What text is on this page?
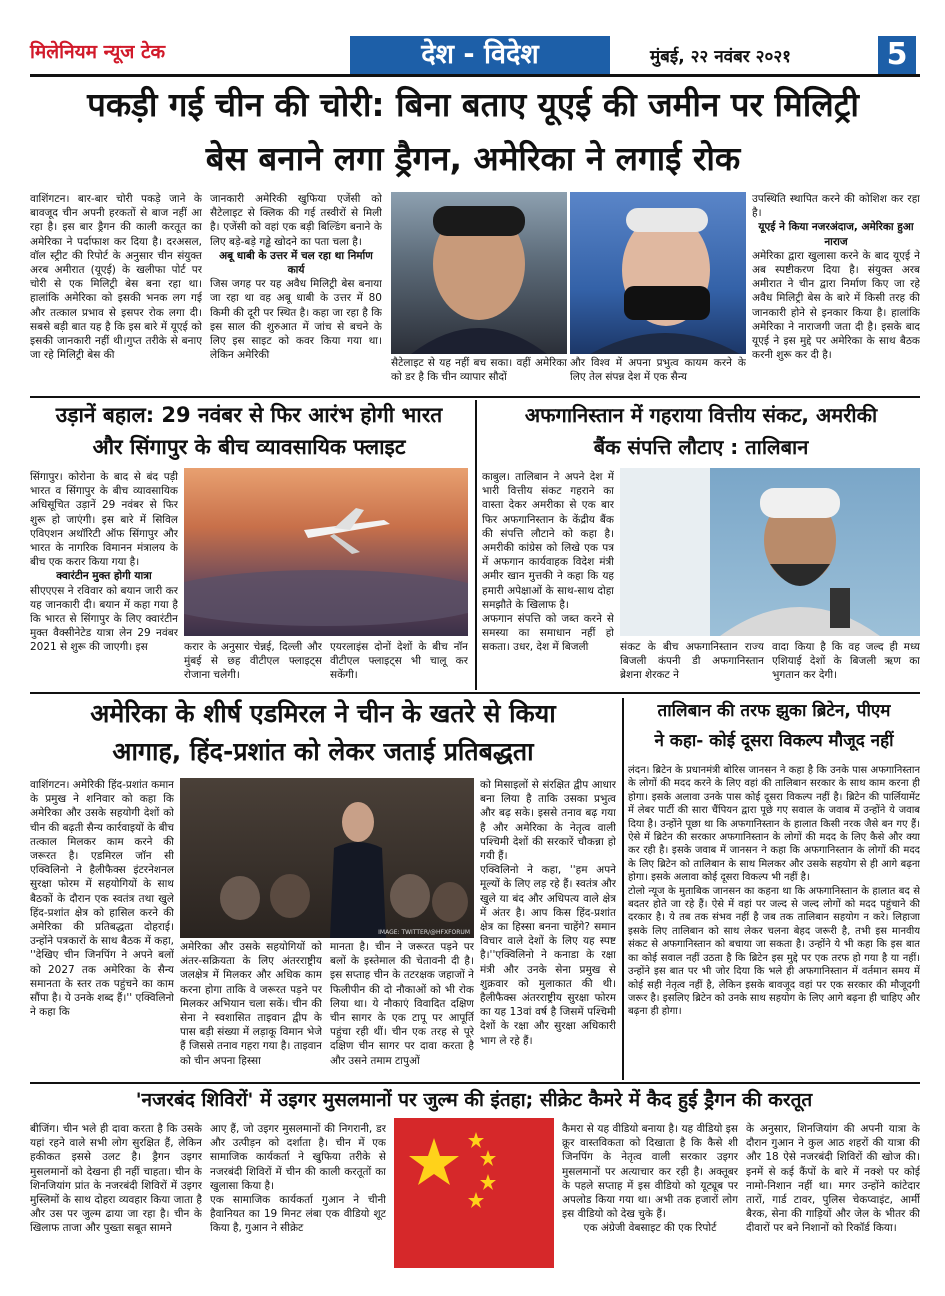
मिलेनियम न्यूज टेक	देश - विदेश	मुंबई, २२ नवंबर २०२१	5
पकड़ी गई चीन की चोरी: बिना बताए यूएई की जमीन पर मिलिट्री
बेस बनाने लगा ड्रैगन, अमेरिका ने लगाई रोक
वाशिंगटन। बार-बार चोरी पकड़े जाने के बावजूद चीन अपनी हरकतों से बाज नहीं आ रहा है। इस बार ड्रैगन की काली करतूत का अमेरिका ने पर्दाफाश कर दिया है। दरअसल, वॉल स्ट्रीट की रिपोर्ट के अनुसार चीन संयुक्त अरब अमीरात (यूएई) के खलीफा पोर्ट पर चोरी से एक मिलिट्री बेस बना रहा था। हालांकि अमेरिका को इसकी भनक लग गई और तत्काल प्रभाव से इसपर रोक लगा दी। सबसे बड़ी बात यह है कि इस बारे में यूएई को इसकी जानकारी नहीं थी।गुप्त तरीके से बनाए जा रहे मिलिट्री बेस की

जानकारी अमेरिकी खुफिया एजेंसी को सैटेलाइट से क्लिक की गई तस्वीरों से मिली है। एजेंसी को वहां एक बड़ी बिल्डिंग बनाने के लिए बड़े-बड़े गड्ढे खोदने का पता चला है।

अबू धाबी के उत्तर में चल रहा था निर्माण कार्य

जिस जगह पर यह अवैध मिलिट्री बेस बनाया जा रहा था वह अबू धाबी के उत्तर में 80 किमी की दूरी पर स्थित है। कहा जा रहा है कि इस साल की शुरुआत में जांच से बचने के लिए इस साइट को कवर किया गया था। लेकिन अमेरिकी

सैटेलाइट से यह नहीं बच सका। वहीं अमेरिका को डर है कि चीन व्यापार सौदों
और विश्व में अपना प्रभुत्व कायम करने के लिए तेल संपन्न देश में एक सैन्य

उपस्थिति स्थापित करने की कोशिश कर रहा है।

यूएई ने किया नजरअंदाज, अमेरिका हुआ नाराज

अमेरिका द्वारा खुलासा करने के बाद यूएई ने अब स्पष्टीकरण दिया है। संयुक्त अरब अमीरात ने चीन द्वारा निर्माण किए जा रहे अवैध मिलिट्री बेस के बारे में किसी तरह की जानकारी होने से इनकार किया है। हालांकि अमेरिका ने नाराजगी जता दी है। इसके बाद यूएई ने इस मुद्दे पर अमेरिका के साथ बैठक करनी शुरू कर दी है।

उड़ानें बहाल: 29 नवंबर से फिर आरंभ होगी भारत
और सिंगापुर के बीच व्यावसायिक फ्लाइट

सिंगापुर। कोरोना के बाद से बंद पड़ी भारत व सिंगापुर के बीच व्यावसायिक अधिसूचित उड़ानें 29 नवंबर से फिर शुरू हो जाएंगी। इस बारे में सिविल एविएशन अथॉरिटी ऑफ सिंगापुर और भारत के नागरिक विमानन मंत्रालय के बीच एक करार किया गया है।

क्वारंटीन मुक्त होगी यात्रा

सीएएएस ने रविवार को बयान जारी कर यह जानकारी दी। बयान में कहा गया है कि भारत से सिंगापुर के लिए क्वारंटीन मुक्त वैक्सीनेटेड यात्रा लेन 29 नवंबर 2021 से शुरू की जाएगी। इस	करार के अनुसार चेन्नई, दिल्ली और मुंबई से छह वीटीएल फ्लाइट्स रोजाना चलेगी।
एयरलाइंस दोनों देशों के बीच नॉन वीटीएल फ्लाइट्स भी चालू कर सकेंगी।
अफगानिस्तान में गहराया वित्तीय संकट, अमरीकी
बैंक संपत्ति लौटाए : तालिबान

काबुल। तालिबान ने अपने देश में भारी वित्तीय संकट गहराने का वास्ता देकर अमरीका से एक बार फिर अफगानिस्तान के केंद्रीय बैंक की संपत्ति लौटाने को कहा है। अमरीकी कांग्रेस को लिखे एक पत्र में अफगान कार्यवाहक विदेश मंत्री अमीर खान मुत्तकी ने कहा कि यह हमारी अपेक्षाओं के साथ-साथ दोहा समझौते के खिलाफ है।

अफगान संपत्ति को जब्त करने से समस्या का समाधान नहीं हो सकता। उधर, देश में बिजली	संकट के बीच अफगानिस्तान राज्य बिजली कंपनी डी अफगानिस्तान ब्रेशना शेरकट ने
वादा किया है कि वह जल्द ही मध्य एशियाई देशों के बिजली ऋण का भुगतान कर देगी।
अमेरिका के शीर्ष एडमिरल ने चीन के खतरे से किया
आगाह, हिंद-प्रशांत को लेकर जताई प्रतिबद्धता
वाशिंगटन। अमेरिकी हिंद-प्रशांत कमान के प्रमुख ने शनिवार को कहा कि अमेरिका और उसके सहयोगी देशों को चीन की बढ़ती सैन्य कार्रवाइयों के बीच तत्काल मिलकर काम करने की जरूरत है। एडमिरल जॉन सी एक्विलिनो ने हैलीफैक्स इंटरनेशनल सुरक्षा फोरम में सहयोगियों के साथ बैठकों के दौरान एक स्वतंत्र तथा खुले हिंद-प्रशांत क्षेत्र को हासिल करने की अमेरिका की प्रतिबद्धता दोहराई। उन्होंने पत्रकारों के साथ बैठक में कहा, ''देखिए चीन जिनपिंग ने अपने बलों को 2027 तक अमेरिका के सैन्य समानता के स्तर तक पहुंचने का काम सौंपा है। ये उनके शब्द हैं।'' एक्विलिनो ने कहा कि
IMAGE: TWITTER/@HFXFORUM
अमेरिका और उसके सहयोगियों को अंतर-सक्रियता के लिए अंतरराष्ट्रीय जलक्षेत्र में मिलकर और अधिक काम करना होगा ताकि वे जरूरत पड़ने पर मिलकर अभियान चला सकें। चीन की सेना ने स्वशासित ताइवान द्वीप के पास बड़ी संख्या में लड़ाकू विमान भेजे हैं जिससे तनाव गहरा गया है। ताइवान को चीन अपना हिस्सा
मानता है। चीन ने जरूरत पड़ने पर बलों के इस्तेमाल की चेतावनी दी है। इस सप्ताह चीन के तटरक्षक जहाजों ने फिलीपीन की दो नौकाओं को भी रोक लिया था। ये नौकाएं विवादित दक्षिण चीन सागर के एक टापू पर आपूर्ति पहुंचा रही थीं। चीन एक तरह से पूरे दक्षिण चीन सागर पर दावा करता है और उसने तमाम टापुओं

को मिसाइलों से संरक्षित द्वीप आधार बना लिया है ताकि उसका प्रभुत्व और बढ़ सके। इससे तनाव बढ़ गया है और अमेरिका के नेतृत्व वाली पश्चिमी देशों की सरकारें चौकन्ना हो गयी हैं।

एक्विलिनो ने कहा, ''हम अपने मूल्यों के लिए लड़ रहे हैं। स्वतंत्र और खुले या बंद और अधिपत्य वाले क्षेत्र में अंतर है। आप किस हिंद-प्रशांत क्षेत्र का हिस्सा बनना चाहेंगे? समान विचार वाले देशों के लिए यह स्पष्ट है।''एक्विलिनो ने कनाडा के रक्षा मंत्री और उनके सेना प्रमुख से शुक्रवार को मुलाकात की थी। हैलीफैक्स अंतरराष्ट्रीय सुरक्षा फोरम का यह 13वां वर्ष है जिसमें पश्चिमी देशों के रक्षा और सुरक्षा अधिकारी भाग ले रहे हैं।

तालिबान की तरफ झुका ब्रिटेन, पीएम
ने कहा- कोई दूसरा विकल्प मौजूद नहीं

लंदन। ब्रिटेन के प्रधानमंत्री बोरिस जानसन ने कहा है कि उनके पास अफगानिस्तान के लोगों की मदद करने के लिए वहां की तालिबान सरकार के साथ काम करना ही होगा। इसके अलावा उनके पास कोई दूसरा विकल्प नहीं है। ब्रिटेन की पार्लियामेंट में लेबर पार्टी की सारा चैंपियन द्वारा पूछे गए सवाल के जवाब में उन्होंने ये जवाब दिया है। उन्होंने पूछा था कि अफगानिस्तान के हालात किसी नरक जैसे बन गए हैं। ऐसे में ब्रिटेन की सरकार अफगानिस्तान के लोगों की मदद के लिए कैसे और क्या कर रही है। इसके जवाब में जानसन ने कहा कि अफगानिस्तान के लोगों की मदद के लिए ब्रिटेन को तालिबान के साथ मिलकर और उसके सहयोग से ही आगे बढ़ना होगा। इसके अलावा कोई दूसरा विकल्प भी नहीं है।

टोलो न्यूज के मुताबिक जानसन का कहना था कि अफगानिस्तान के हालात बद से बदतर होते जा रहे हैं। ऐसे में वहां पर जल्द से जल्द लोगों को मदद पहुंचाने की दरकार है। ये तब तक संभव नहीं है जब तक तालिबान सहयोग न करे। लिहाजा इसके लिए तालिबान को साथ लेकर चलना बेहद जरूरी है, तभी इस मानवीय संकट से अफगानिस्तान को बचाया जा सकता है। उन्होंने ये भी कहा कि इस बात का कोई सवाल नहीं उठता है कि ब्रिटेन इस मुद्दे पर एक तरफ हो गया है या नहीं। उन्होंने इस बात पर भी जोर दिया कि भले ही अफगानिस्तान में वर्तमान समय में कोई सही नेतृत्व नहीं है, लेकिन इसके बावजूद वहां पर एक सरकार की मौजूदगी जरूर है। इसलिए ब्रिटेन को उनके साथ सहयोग के लिए आगे बढ़ना ही चाहिए और बढ़ना ही होगा।

'नजरबंद शिविरों' में उइगर मुसलमानों पर जुल्म की इंतहा; सीक्रेट कैमरे में कैद हुई ड्रैगन की करतूत
बीजिंग। चीन भले ही दावा करता है कि उसके यहां रहने वाले सभी लोग सुरक्षित हैं, लेकिन हकीकत इससे उलट है। ड्रैगन उइगर मुसलमानों को देखना ही नहीं चाहता। चीन के शिनजियांग प्रांत के नजरबंदी शिविरों में उइगर मुस्लिमों के साथ दोहरा व्यवहार किया जाता है और उस पर जुल्म ढाया जा रहा है। चीन के खिलाफ ताजा और पुख्ता सबूत सामने

आए हैं, जो उइगर मुसलमानों की निगरानी, डर और उत्पीड़न को दर्शाता है। चीन में एक सामाजिक कार्यकर्ता ने खुफिया तरीके से नजरबंदी शिविरों में चीन की काली करतूतों का खुलासा किया है।

एक सामाजिक कार्यकर्ता गुआन ने चीनी हैवानियत का 19 मिनट लंबा एक वीडियो शूट किया है, गुआन ने सीक्रेट

कैमरा से यह वीडियो बनाया है। यह वीडियो इस क्रूर वास्तविकता को दिखाता है कि कैसे शी जिनपिंग के नेतृत्व वाली सरकार उइगर मुसलमानों पर अत्याचार कर रही है। अक्तूबर के पहले सप्ताह में इस वीडियो को यूट्यूब पर अपलोड किया गया था। अभी तक हजारों लोग इस वीडियो को देख चुके हैं।

एक अंग्रेजी वेबसाइट की एक रिपोर्ट

के अनुसार, शिनजियांग की अपनी यात्रा के दौरान गुआन ने कुल आठ शहरों की यात्रा की और 18 ऐसे नजरबंदी शिविरों की खोज की। इनमें से कई कैंपों के बारे में नक्शे पर कोई नामो-निशान नहीं था। मगर उन्होंने कांटेदार तारों, गार्ड टावर, पुलिस चेकप्वाइंट, आर्मी बैरक, सेना की गाड़ियों और जेल के भीतर की दीवारों पर बने निशानों को रिकॉर्ड किया।
